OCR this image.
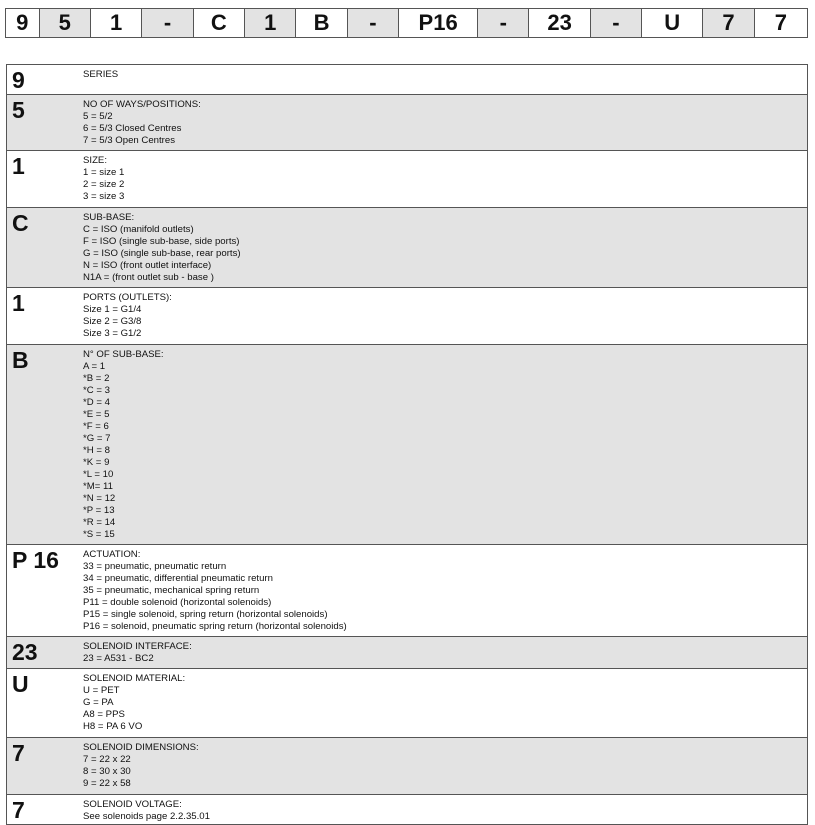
9	5	1	-	C	1	B	-	P16	-	23	-	U	7	7
9	SERIES
5	NO OF WAYS/POSITIONS:
5 = 5/2
6 = 5/3 Closed Centres
7 = 5/3 Open Centres
1	SIZE:
1 = size 1
2 = size 2
3 = size 3
C	SUB-BASE:
C = ISO (manifold outlets)
F = ISO (single sub-base, side ports)
G = ISO (single sub-base, rear ports)
N = ISO (front outlet interface)
N1A = (front outlet sub - base )
1	PORTS (OUTLETS):
Size 1 = G1/4
Size 2 = G3/8
Size 3 = G1/2
B	N° OF SUB-BASE:
A = 1
*B = 2
*C = 3
*D = 4
*E = 5
*F = 6
*G = 7
*H = 8
*K = 9
*L = 10
*M= 11
*N = 12
*P = 13
*R = 14
*S = 15
P 16	ACTUATION:
33 = pneumatic, pneumatic return
34 = pneumatic, differential pneumatic return
35 = pneumatic, mechanical spring return
P11 = double solenoid (horizontal solenoids)
P15 = single solenoid, spring return (horizontal solenoids)
P16 = solenoid, pneumatic spring return (horizontal solenoids)
23	SOLENOID INTERFACE:
23 = A531 - BC2
U	SOLENOID MATERIAL:
U = PET
G = PA
A8 = PPS
H8 = PA 6 VO
7	SOLENOID DIMENSIONS:
7 = 22 x 22
8 = 30 x 30
9 = 22 x 58
7	SOLENOID VOLTAGE:
See solenoids page 2.2.35.01
